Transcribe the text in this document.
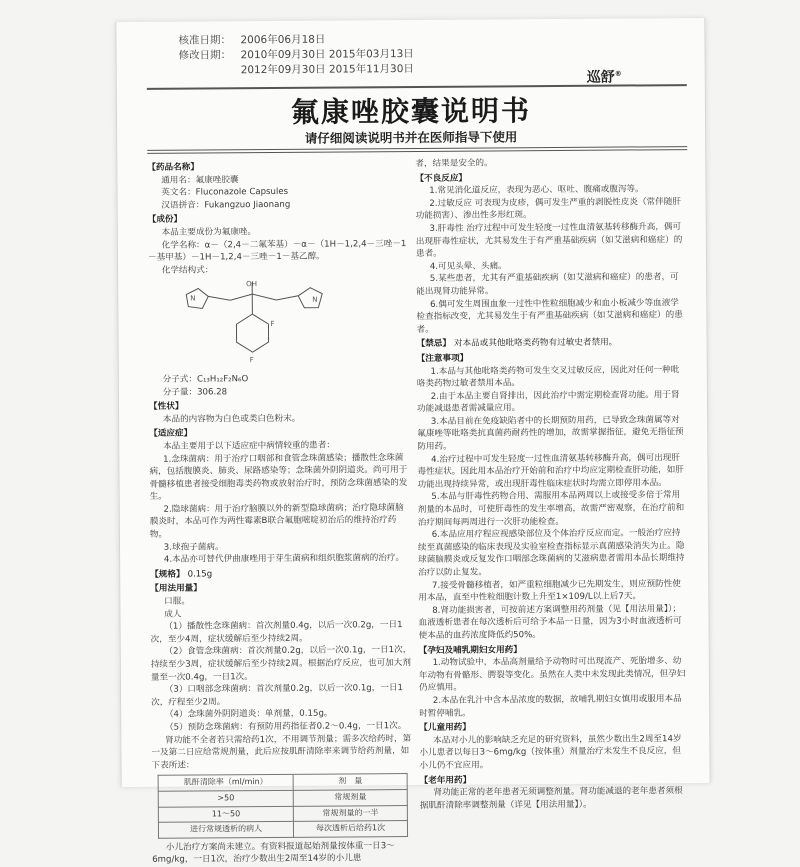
核准日期： 2006年06月18日
修改日期： 2010年09月30日 2015年03月13日
2012年09月30日 2015年11月30日	巡舒®
氟康唑胶囊说明书
请仔细阅读说明书并在医师指导下使用
【药品名称】

通用名：氟康唑胶囊

英文名：Fluconazole Capsules

汉语拼音：Fukangzuo Jiaonang

【成份】

本品主要成份为氟康唑。

化学名称：α－（2,4－二氟苯基）－α－（1H－1,2,4－三唑－1－基甲基）－1H－1,2,4－三唑－1－基乙醇。

化学结构式：

OH
F
F
N	N

分子式：C₁₃H₁₂F₂N₆O

分子量：306.28

【性状】

本品的内容物为白色或类白色粉末。

【适应症】

本品主要用于以下适应症中病情较重的患者：

1.念珠菌病：用于治疗口咽部和食管念珠菌感染；播散性念珠菌病，包括腹膜炎、肺炎、尿路感染等；念珠菌外阴阴道炎。尚可用于骨髓移植患者接受细胞毒类药物或放射治疗时，预防念珠菌感染的发生。

2.隐球菌病：用于治疗脑膜以外的新型隐球菌病；治疗隐球菌脑膜炎时，本品可作为两性霉素B联合氟胞嘧啶初治后的维持治疗药物。

3.球孢子菌病。

4.本品亦可替代伊曲康唑用于芽生菌病和组织胞浆菌病的治疗。

【规格】 0.15g
【用法用量】

口服。

成人

（1）播散性念珠菌病：首次剂量0.4g，以后一次0.2g，一日1次，至少4周，症状缓解后至少持续2周。

（2）食管念珠菌病：首次剂量0.2g，以后一次0.1g，一日1次，持续至少3周，症状缓解后至少持续2周。根据治疗反应，也可加大剂量至一次0.4g，一日1次。

（3）口咽部念珠菌病：首次剂量0.2g，以后一次0.1g，一日1次，疗程至少2周。

（4）念珠菌外阴阴道炎：单剂量，0.15g。

（5）预防念珠菌病：有预防用药指征者0.2～0.4g，一日1次。

肾功能不全者若只需给药1次，不用调节剂量；需多次给药时，第一及第二日应给常规剂量，此后应按肌酐清除率来调节给药剂量，如下表所述：

肌酐清除率（ml/min）	剂　量
>50	常规剂量
11～50	常规剂量的一半
进行常规透析的病人	每次透析后给药1次

小儿治疗方案尚未建立。有资料报道起始剂量按体重一日3～6mg/kg，一日1次，治疗少数出生2周至14岁的小儿患

者，结果是安全的。

【不良反应】

1.常见消化道反应，表现为恶心、呕吐、腹痛或腹泻等。

2.过敏反应 可表现为皮疹，偶可发生严重的剥脱性皮炎（常伴随肝功能损害）、渗出性多形红斑。

3.肝毒性 治疗过程中可发生轻度一过性血清氨基转移酶升高，偶可出现肝毒性症状，尤其易发生于有严重基础疾病（如艾滋病和癌症）的患者。

4.可见头晕、头痛。

5.某些患者，尤其有严重基础疾病（如艾滋病和癌症）的患者，可能出现肾功能异常。

6.偶可发生周围血象一过性中性粒细胞减少和血小板减少等血液学检查指标改变，尤其易发生于有严重基础疾病（如艾滋病和癌症）的患者。

【禁忌】 对本品或其他吡咯类药物有过敏史者禁用。
【注意事项】

1.本品与其他吡咯类药物可发生交叉过敏反应，因此对任何一种吡咯类药物过敏者禁用本品。

2.由于本品主要自肾排出，因此治疗中需定期检查肾功能。用于肾功能减退患者需减量应用。

3.本品目前在免疫缺陷者中的长期预防用药，已导致念珠菌属等对氟康唑等吡咯类抗真菌药耐药性的增加，故需掌握指征，避免无指征预防用药。

4.治疗过程中可发生轻度一过性血清氨基转移酶升高，偶可出现肝毒性症状。因此用本品治疗开始前和治疗中均应定期检查肝功能，如肝功能出现持续异常，或出现肝毒性临床症状时均需立即停用本品。

5.本品与肝毒性药物合用、需服用本品两周以上或接受多倍于常用剂量的本品时，可使肝毒性的发生率增高，故需严密观察，在治疗前和治疗期间每两周进行一次肝功能检查。

6.本品应用疗程应视感染部位及个体治疗反应而定。一般治疗应持续至真菌感染的临床表现及实验室检查指标显示真菌感染消失为止。隐球菌脑膜炎或反复发作口咽部念珠菌病的艾滋病患者需用本品长期维持治疗以防止复发。

7.接受骨髓移植者，如严重粒细胞减少已先期发生，则应预防性使用本品，直至中性粒细胞计数上升至1×109/L以上后7天。

8.肾功能损害者，可按前述方案调整用药剂量（见【用法用量】）；血液透析患者在每次透析后可给予本品一日量，因为3小时血液透析可使本品的血药浓度降低约50%。

【孕妇及哺乳期妇女用药】

1.动物试验中，本品高剂量给予动物时可出现流产、死胎增多、幼年动物有骨骼形、腭裂等变化。虽然在人类中未发现此类情况，但孕妇仍应慎用。

2.本品在乳汁中含本品浓度的数据，故哺乳期妇女慎用或服用本品时暂停哺乳。

【儿童用药】

本品对小儿的影响缺乏充足的研究资料，虽然少数出生2周至14岁小儿患者以每日3～6mg/kg（按体重）剂量治疗未发生不良反应，但小儿仍不宜应用。

【老年用药】

肾功能正常的老年患者无须调整剂量。肾功能减退的老年患者须根据肌酐清除率调整剂量（详见【用法用量】）。
